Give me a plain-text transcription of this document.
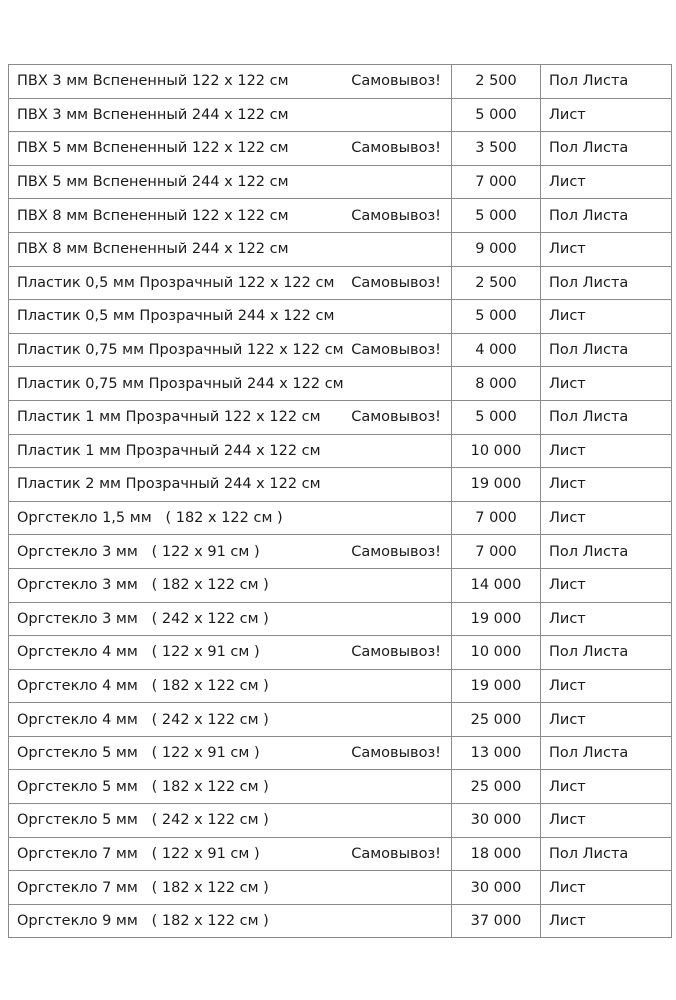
ПВХ 3 мм Вспененный 122 х 122 см Самовывоз!	2 500	Пол Листа

ПВХ 3 мм Вспененный 244 х 122 см	5 000	Лист

ПВХ 5 мм Вспененный 122 х 122 см Самовывоз!	3 500	Пол Листа

ПВХ 5 мм Вспененный 244 х 122 см	7 000	Лист

ПВХ 8 мм Вспененный 122 х 122 см Самовывоз!	5 000	Пол Листа

ПВХ 8 мм Вспененный 244 х 122 см	9 000	Лист

Пластик 0,5 мм Прозрачный 122 х 122 см Самовывоз!	2 500	Пол Листа

Пластик 0,5 мм Прозрачный 244 х 122 см	5 000	Лист

Пластик 0,75 мм Прозрачный 122 х 122 см Самовывоз!	4 000	Пол Листа

Пластик 0,75 мм Прозрачный 244 х 122 см	8 000	Лист

Пластик 1 мм Прозрачный 122 х 122 см Самовывоз!	5 000	Пол Листа

Пластик 1 мм Прозрачный 244 х 122 см	10 000	Лист

Пластик 2 мм Прозрачный 244 х 122 см	19 000	Лист

Оргстекло 1,5 мм   ( 182 х 122 см )	7 000	Лист

Оргстекло 3 мм   ( 122 х 91 см ) Самовывоз!	7 000	Пол Листа

Оргстекло 3 мм   ( 182 х 122 см )	14 000	Лист

Оргстекло 3 мм   ( 242 х 122 см )	19 000	Лист

Оргстекло 4 мм   ( 122 х 91 см ) Самовывоз!	10 000	Пол Листа

Оргстекло 4 мм   ( 182 х 122 см )	19 000	Лист

Оргстекло 4 мм   ( 242 х 122 см )	25 000	Лист

Оргстекло 5 мм   ( 122 х 91 см ) Самовывоз!	13 000	Пол Листа

Оргстекло 5 мм   ( 182 х 122 см )	25 000	Лист

Оргстекло 5 мм   ( 242 х 122 см )	30 000	Лист

Оргстекло 7 мм   ( 122 х 91 см ) Самовывоз!	18 000	Пол Листа

Оргстекло 7 мм   ( 182 х 122 см )	30 000	Лист

Оргстекло 9 мм   ( 182 х 122 см )	37 000	Лист
